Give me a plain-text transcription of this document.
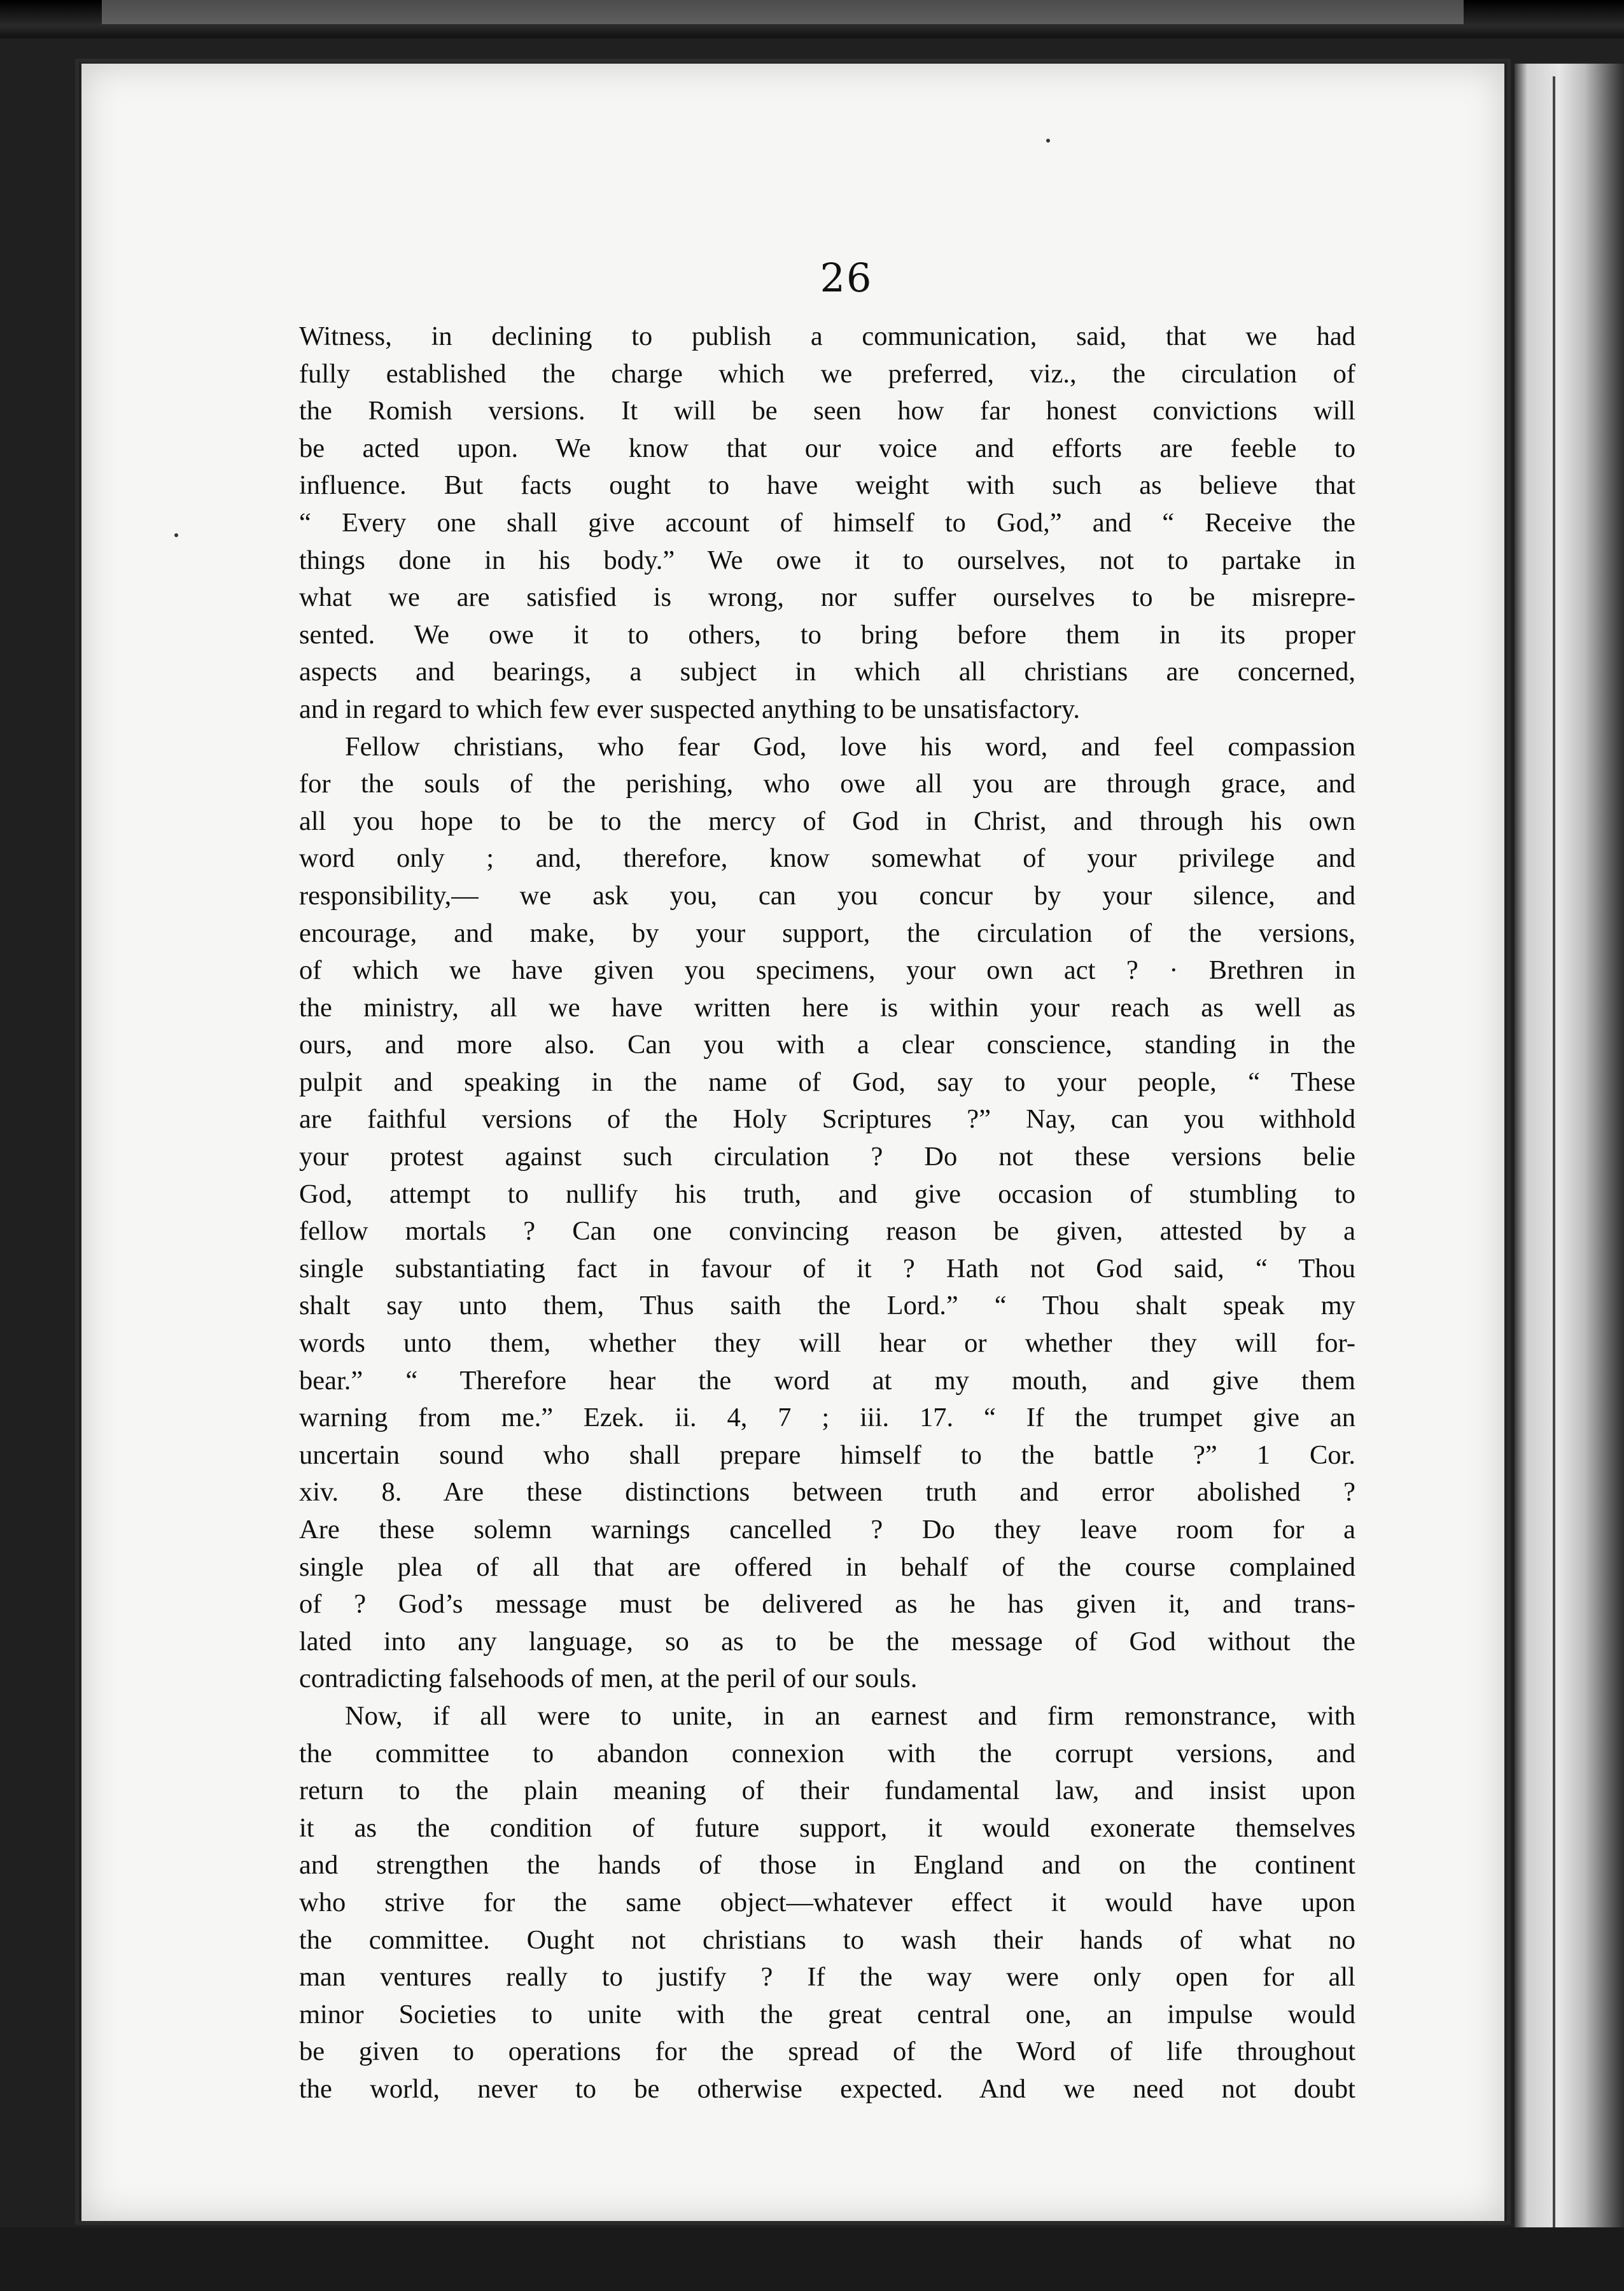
26
Witness, in declining to publish a communication, said, that we had
fully established the charge which we preferred, viz., the circulation of
the Romish versions. It will be seen how far honest convictions will
be acted upon. We know that our voice and efforts are feeble to
influence. But facts ought to have weight with such as believe that
“ Every one shall give account of himself to God,” and “ Receive the
things done in his body.” We owe it to ourselves, not to partake in
what we are satisfied is wrong, nor suffer ourselves to be misrepre-
sented. We owe it to others, to bring before them in its proper
aspects and bearings, a subject in which all christians are concerned,
and in regard to which few ever suspected anything to be unsatisfactory.
Fellow christians, who fear God, love his word, and feel compassion
for the souls of the perishing, who owe all you are through grace, and
all you hope to be to the mercy of God in Christ, and through his own
word only ; and, therefore, know somewhat of your privilege and
responsibility,— we ask you, can you concur by your silence, and
encourage, and make, by your support, the circulation of the versions,
of which we have given you specimens, your own act ? · Brethren in
the ministry, all we have written here is within your reach as well as
ours, and more also. Can you with a clear conscience, standing in the
pulpit and speaking in the name of God, say to your people, “ These
are faithful versions of the Holy Scriptures ?” Nay, can you withhold
your protest against such circulation ? Do not these versions belie
God, attempt to nullify his truth, and give occasion of stumbling to
fellow mortals ? Can one convincing reason be given, attested by a
single substantiating fact in favour of it ? Hath not God said, “ Thou
shalt say unto them, Thus saith the Lord.” “ Thou shalt speak my
words unto them, whether they will hear or whether they will for-
bear.” “ Therefore hear the word at my mouth, and give them
warning from me.” Ezek. ii. 4, 7 ; iii. 17. “ If the trumpet give an
uncertain sound who shall prepare himself to the battle ?” 1 Cor.
xiv. 8. Are these distinctions between truth and error abolished ?
Are these solemn warnings cancelled ? Do they leave room for a
single plea of all that are offered in behalf of the course complained
of ? God’s message must be delivered as he has given it, and trans-
lated into any language, so as to be the message of God without the
contradicting falsehoods of men, at the peril of our souls.
Now, if all were to unite, in an earnest and firm remonstrance, with
the committee to abandon connexion with the corrupt versions, and
return to the plain meaning of their fundamental law, and insist upon
it as the condition of future support, it would exonerate themselves
and strengthen the hands of those in England and on the continent
who strive for the same object—whatever effect it would have upon
the committee. Ought not christians to wash their hands of what no
man ventures really to justify ? If the way were only open for all
minor Societies to unite with the great central one, an impulse would
be given to operations for the spread of the Word of life throughout
the world, never to be otherwise expected. And we need not doubt
